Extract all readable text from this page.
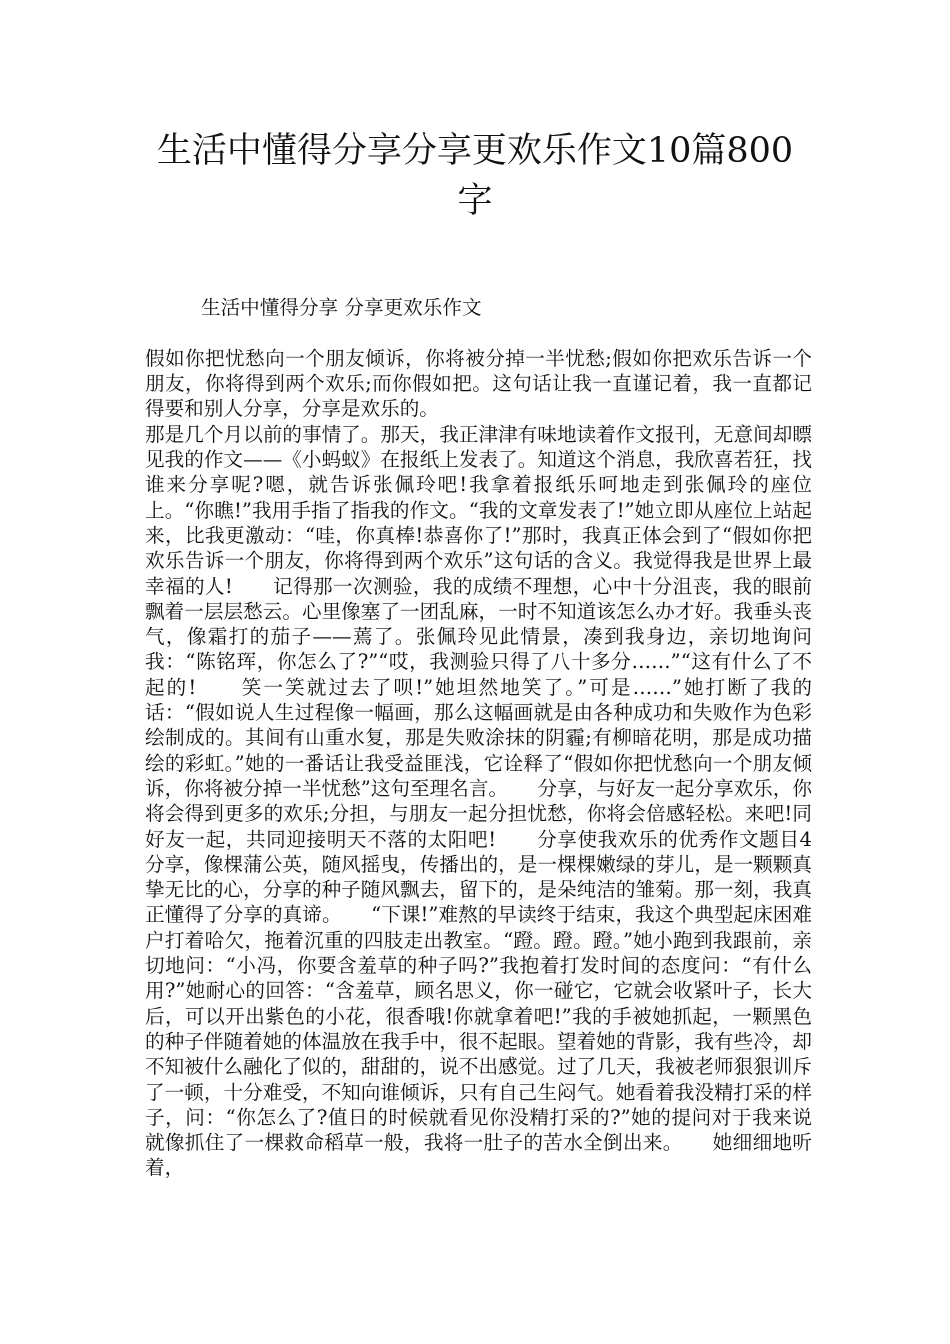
生活中懂得分享分享更欢乐作文10篇800字

生活中懂得分享 分享更欢乐作文

假如你把忧愁向一个朋友倾诉，你将被分掉一半忧愁;假如你把欢乐告诉一个朋友，你将得到两个欢乐;而你假如把。这句话让我一直谨记着，我一直都记得要和别人分享，分享是欢乐的。
那是几个月以前的事情了。那天，我正津津有味地读着作文报刊，无意间却瞟见我的作文——《小蚂蚁》在报纸上发表了。知道这个消息，我欣喜若狂，找谁来分享呢?嗯，就告诉张佩玲吧!我拿着报纸乐呵地走到张佩玲的座位上。“你瞧!”我用手指了指我的作文。“我的文章发表了!”她立即从座位上站起来，比我更激动：“哇，你真棒!恭喜你了!”那时，我真正体会到了“假如你把欢乐告诉一个朋友，你将得到两个欢乐”这句话的含义。我觉得我是世界上最幸福的人!　　记得那一次测验，我的成绩不理想，心中十分沮丧，我的眼前飘着一层层愁云。心里像塞了一团乱麻，一时不知道该怎么办才好。我垂头丧气，像霜打的茄子——蔫了。张佩玲见此情景，凑到我身边，亲切地询问我：“陈铭珲，你怎么了?”“哎，我测验只得了八十多分……”“这有什么了不起的!　　笑一笑就过去了呗!”她坦然地笑了。”可是……”她打断了我的话：“假如说人生过程像一幅画，那么这幅画就是由各种成功和失败作为色彩绘制成的。其间有山重水复，那是失败涂抹的阴霾;有柳暗花明，那是成功描绘的彩虹。”她的一番话让我受益匪浅，它诠释了“假如你把忧愁向一个朋友倾诉，你将被分掉一半忧愁”这句至理名言。　　分享，与好友一起分享欢乐，你将会得到更多的欢乐;分担，与朋友一起分担忧愁，你将会倍感轻松。来吧!同好友一起，共同迎接明天不落的太阳吧!　　分享使我欢乐的优秀作文题目4　　分享，像棵蒲公英，随风摇曳，传播出的，是一棵棵嫩绿的芽儿，是一颗颗真挚无比的心，分享的种子随风飘去，留下的，是朵纯洁的雏菊。那一刻，我真正懂得了分享的真谛。　　“下课!”难熬的早读终于结束，我这个典型起床困难户打着哈欠，拖着沉重的四肢走出教室。“蹬。蹬。蹬。”她小跑到我跟前，亲切地问：“小冯，你要含羞草的种子吗?”我抱着打发时间的态度问：“有什么用?”她耐心的回答：“含羞草，顾名思义，你一碰它，它就会收紧叶子，长大后，可以开出紫色的小花，很香哦!你就拿着吧!”我的手被她抓起，一颗黑色的种子伴随着她的体温放在我手中，很不起眼。望着她的背影，我有些冷，却不知被什么融化了似的，甜甜的，说不出感觉。过了几天，我被老师狠狠训斥了一顿，十分难受，不知向谁倾诉，只有自己生闷气。她看着我没精打采的样子，问：“你怎么了?值日的时候就看见你没精打采的?”她的提问对于我来说就像抓住了一棵救命稻草一般，我将一肚子的苦水全倒出来。　　她细细地听着，
